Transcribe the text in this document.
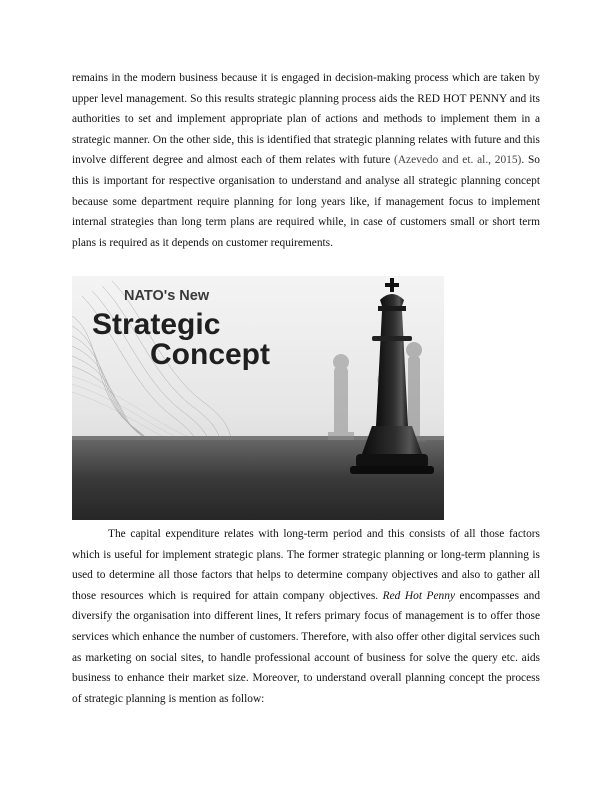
remains in the modern business because it is engaged in decision-making process which are taken by upper level management. So this results strategic planning process aids the RED HOT PENNY and its authorities to set and implement appropriate plan of actions and methods to implement them in a strategic manner. On the other side, this is identified that strategic planning relates with future and this involve different degree and almost each of them relates with future (Azevedo and et. al., 2015). So this is important for respective organisation to understand and analyse all strategic planning concept because some department require planning for long years like, if management focus to implement internal strategies than long term plans are required while, in case of customers small or short term plans is required as it depends on customer requirements.

NATO's New
Strategic
Concept

The capital expenditure relates with long-term period and this consists of all those factors which is useful for implement strategic plans. The former strategic planning or long-term planning is used to determine all those factors that helps to determine company objectives and also to gather all those resources which is required for attain company objectives. Red Hot Penny encompasses and diversify the organisation into different lines, It refers primary focus of management is to offer those services which enhance the number of customers. Therefore, with also offer other digital services such as marketing on social sites, to handle professional account of business for solve the query etc. aids business to enhance their market size. Moreover, to understand overall planning concept the process of strategic planning is mention as follow:
